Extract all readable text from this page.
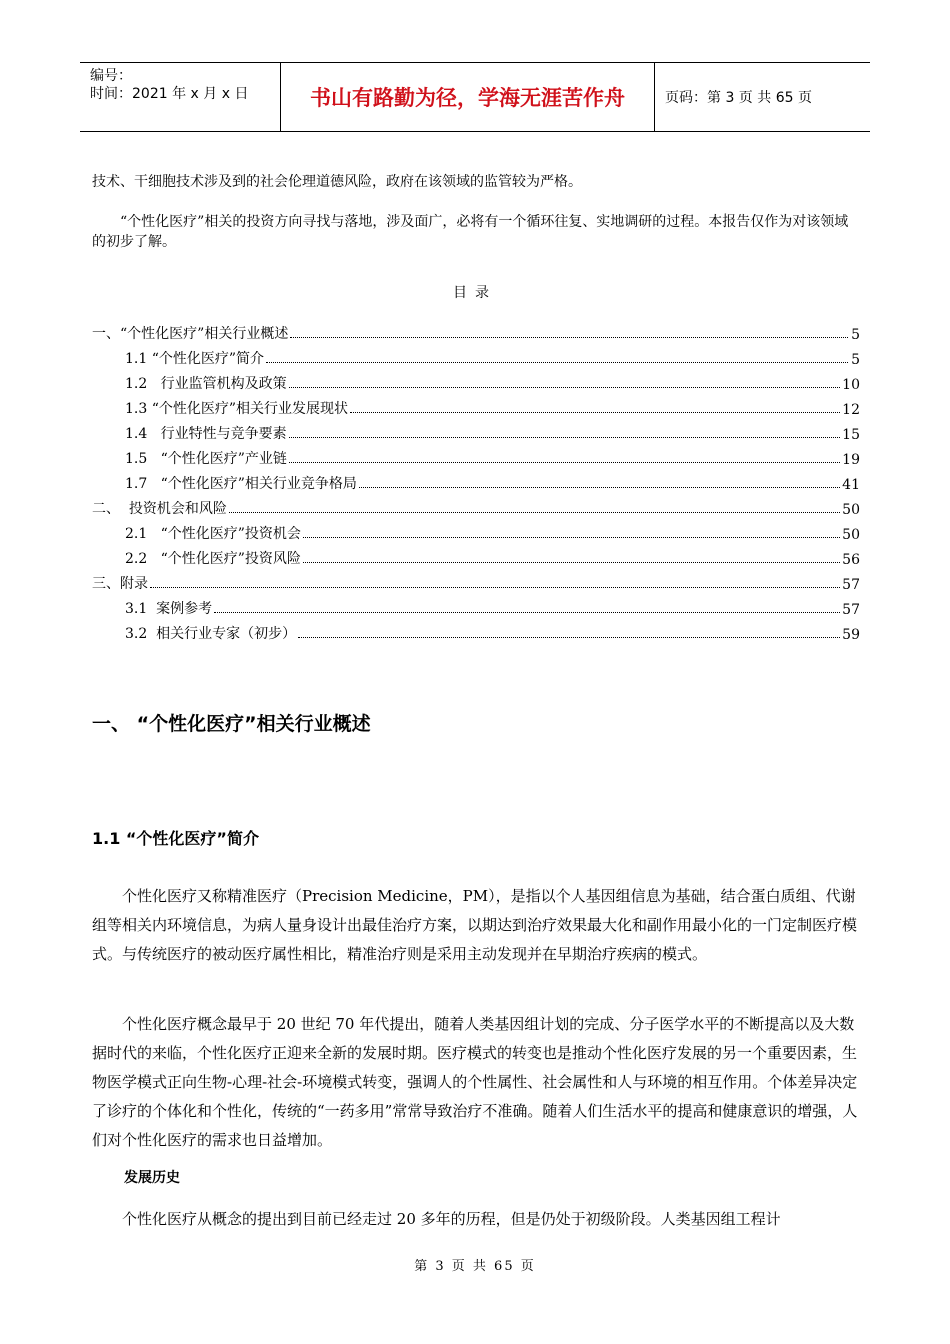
编号：
时间：2021 年 x 月 x 日	书山有路勤为径，学海无涯苦作舟	页码：第 3 页 共 65 页
技术、干细胞技术涉及到的社会伦理道德风险，政府在该领域的监管较为严格。
“个性化医疗”相关的投资方向寻找与落地，涉及面广，必将有一个循环往复、实地调研的过程。本报告仅作为对该领域的初步了解。
目录
一、“个性化医疗”相关行业概述	5
1.1 “个性化医疗”简介	5
1.2   行业监管机构及政策	10
1.3 “个性化医疗”相关行业发展现状	12
1.4   行业特性与竞争要素	15
1.5   “个性化医疗”产业链	19
1.7   “个性化医疗”相关行业竞争格局	41
二、  投资机会和风险	50
2.1   “个性化医疗”投资机会	50
2.2   “个性化医疗”投资风险	56
三、附录	57
3.1  案例参考	57
3.2  相关行业专家（初步）	59
一、 “个性化医疗”相关行业概述
1.1 “个性化医疗”简介
个性化医疗又称精准医疗（Precision Medicine，PM），是指以个人基因组信息为基础，结合蛋白质组、代谢组等相关内环境信息，为病人量身设计出最佳治疗方案，以期达到治疗效果最大化和副作用最小化的一门定制医疗模式。与传统医疗的被动医疗属性相比，精准治疗则是采用主动发现并在早期治疗疾病的模式。
个性化医疗概念最早于 20 世纪 70 年代提出，随着人类基因组计划的完成、分子医学水平的不断提高以及大数据时代的来临，个性化医疗正迎来全新的发展时期。医疗模式的转变也是推动个性化医疗发展的另一个重要因素，生物医学模式正向生物-心理-社会-环境模式转变，强调人的个性属性、社会属性和人与环境的相互作用。个体差异决定了诊疗的个体化和个性化，传统的“一药多用”常常导致治疗不准确。随着人们生活水平的提高和健康意识的增强，人们对个性化医疗的需求也日益增加。
发展历史
个性化医疗从概念的提出到目前已经走过 20 多年的历程，但是仍处于初级阶段。人类基因组工程计
第 3 页 共 65 页
